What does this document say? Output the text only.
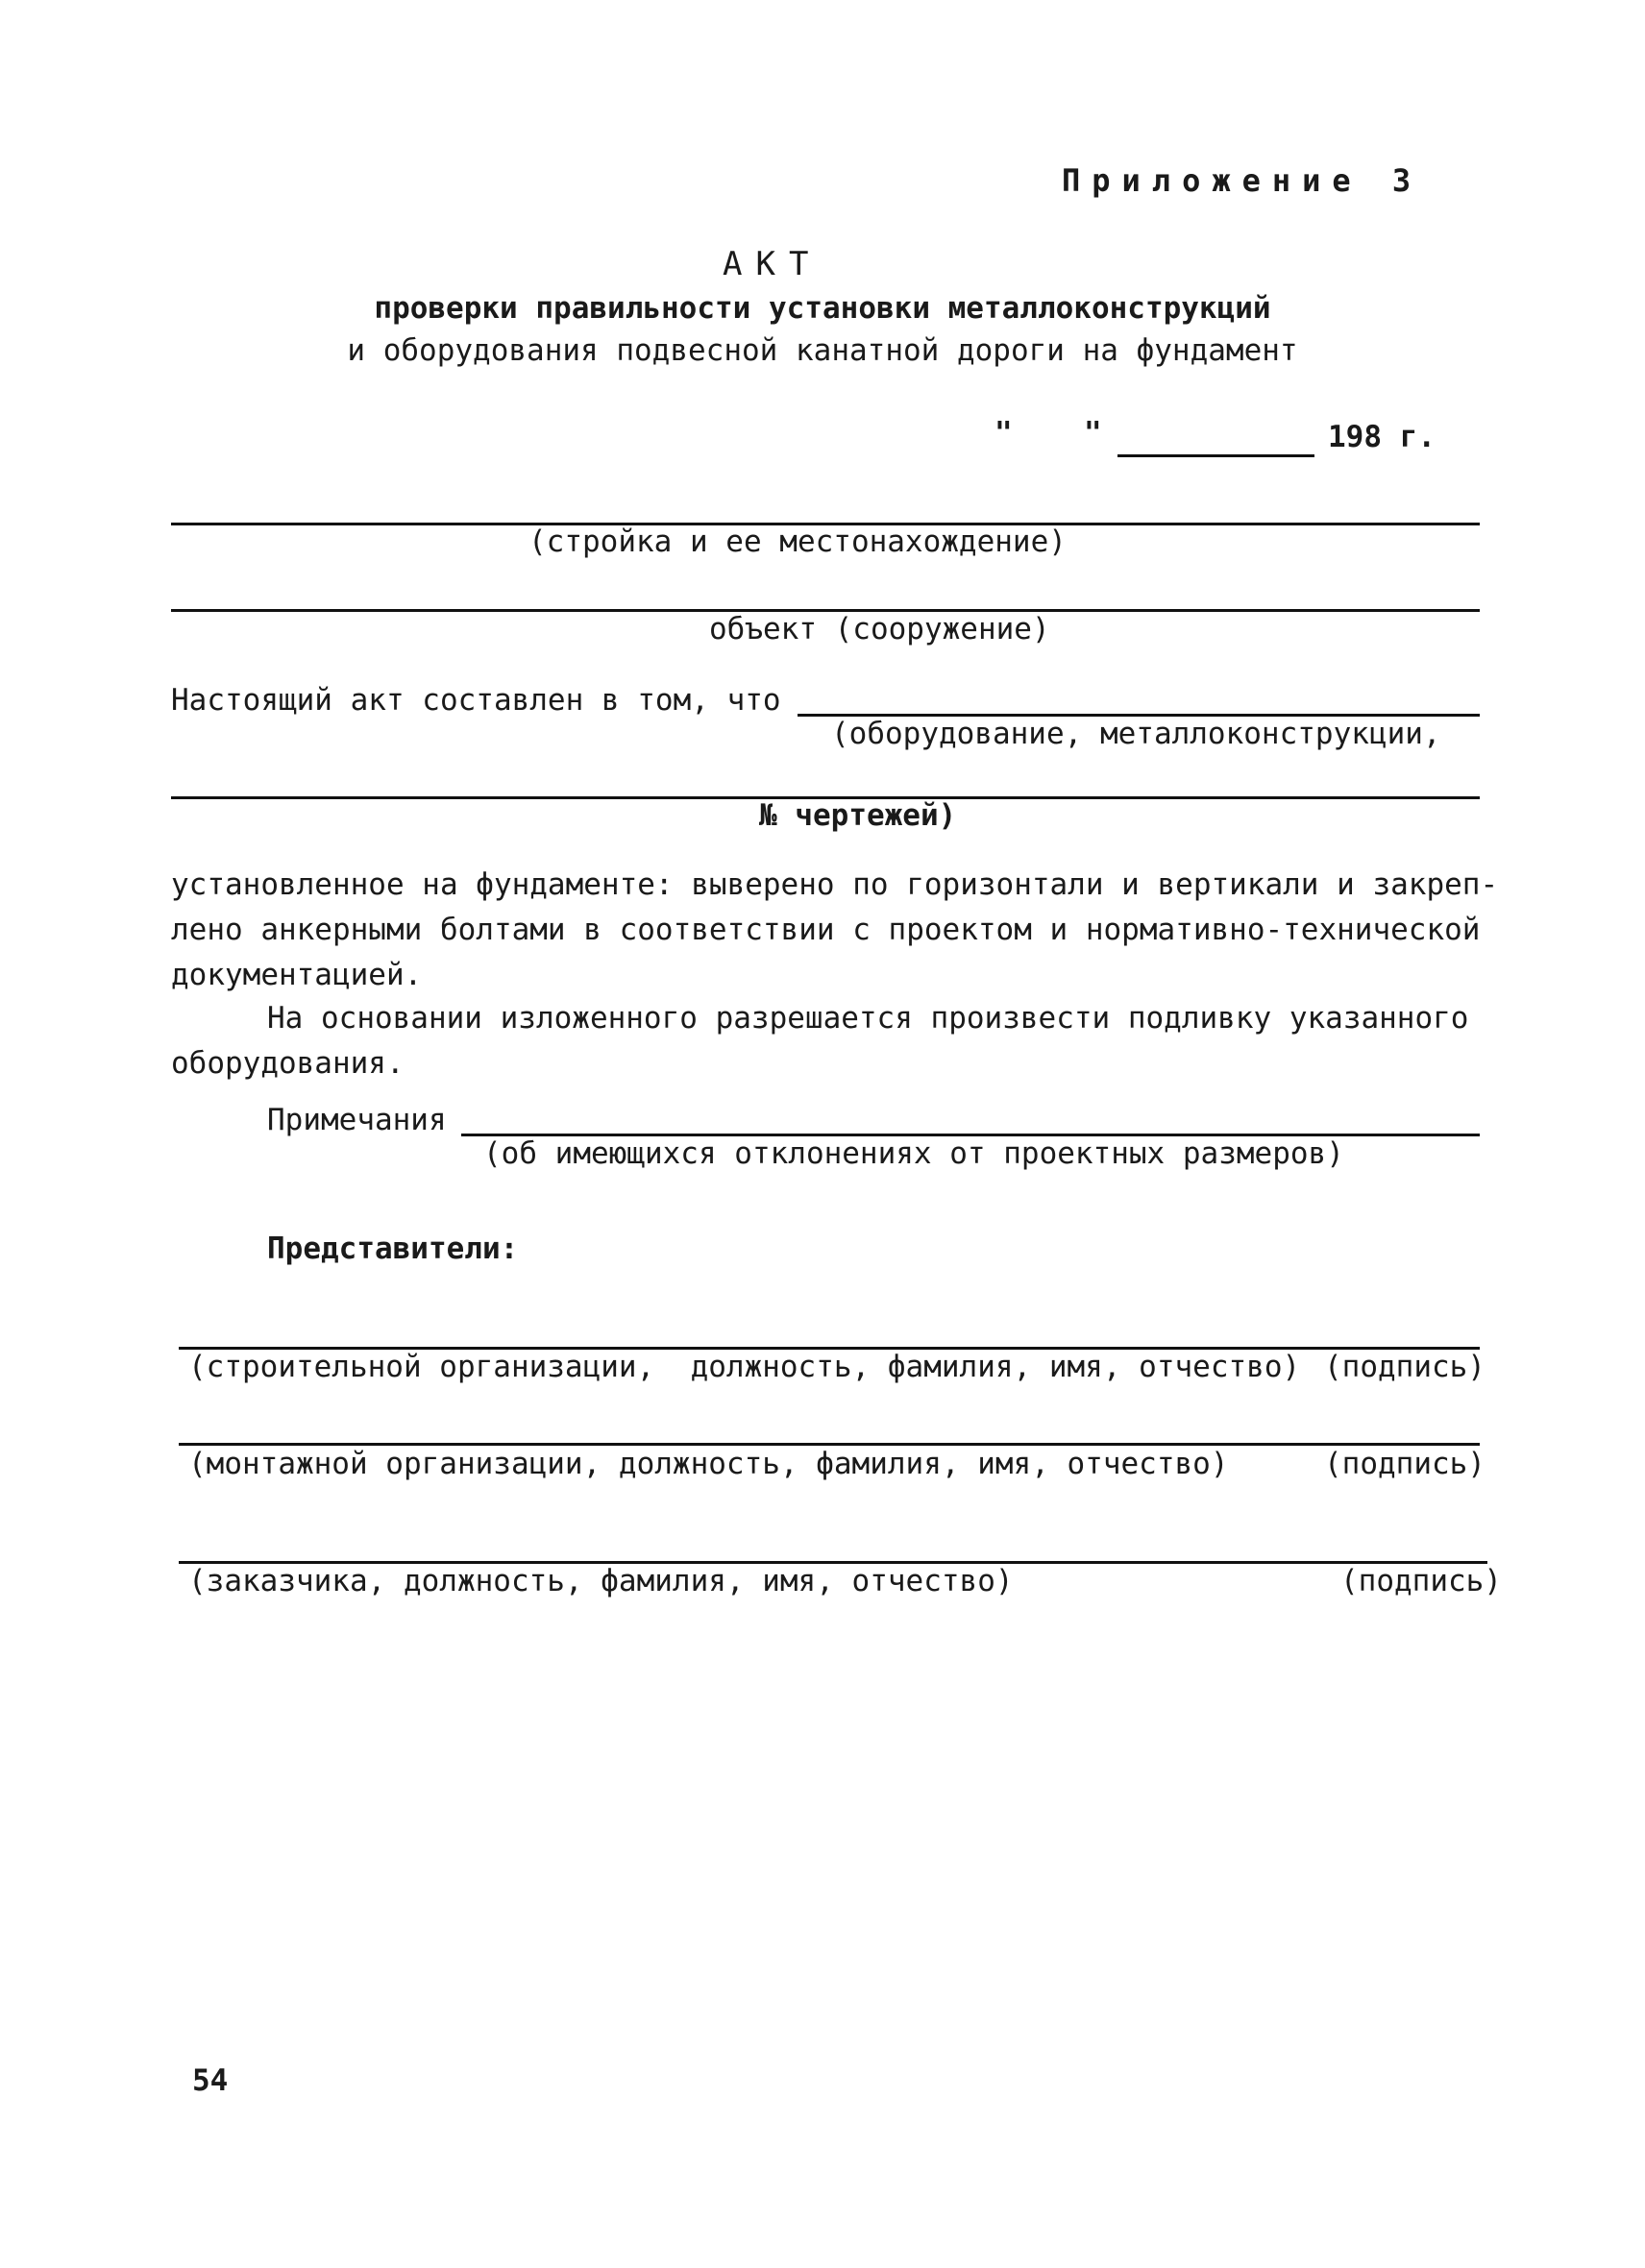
Приложение 3
АКТ
проверки правильности установки металлоконструкций
и оборудования подвесной канатной дороги на фундамент
" "	198 г.
(стройка и ее местонахождение)
объект (сооружение)
Настоящий акт составлен в том, что
(оборудование, металлоконструкции,
№ чертежей)
установленное на фундаменте: выверено по горизонтали и вертикали и закреп-
лено анкерными болтами в соответствии с проектом и нормативно-технической
документацией.
На основании изложенного разрешается произвести подливку указанного
оборудования.
Примечания
(об имеющихся отклонениях от проектных размеров)
Представители:
(строительной организации,  должность, фамилия, имя, отчество) (подпись)
(монтажной организации, должность, фамилия, имя, отчество)	(подпись)
(заказчика, должность, фамилия, имя, отчество)	(подпись)
54
